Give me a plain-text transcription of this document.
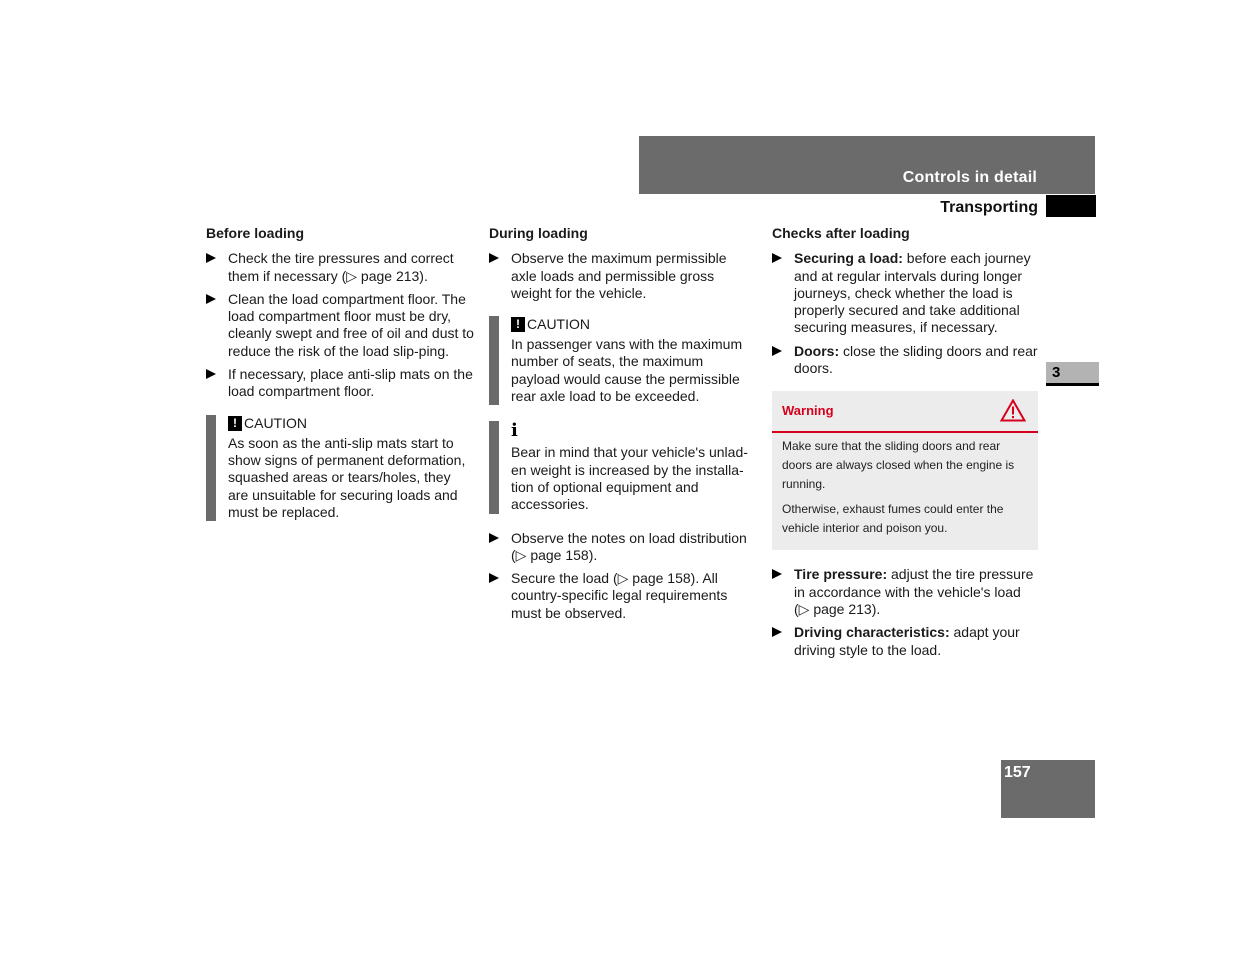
Controls in detail
Transporting
3
Before loading
Check the tire pressures and correct them if necessary (▷ page 213).
Clean the load compartment floor. The load compartment floor must be dry, cleanly swept and free of oil and dust to reduce the risk of the load slip-ping.
If necessary, place anti-slip mats on the load compartment floor.
! CAUTION
As soon as the anti-slip mats start to show signs of permanent deformation, squashed areas or tears/holes, they are unsuitable for securing loads and must be replaced.
During loading
Observe the maximum permissible axle loads and permissible gross weight for the vehicle.
! CAUTION
In passenger vans with the maximum number of seats, the maximum payload would cause the permissible rear axle load to be exceeded.
i
Bear in mind that your vehicle's unlad-en weight is increased by the installa-tion of optional equipment and accessories.
Observe the notes on load distribution (▷ page 158).
Secure the load (▷ page 158). All country-specific legal requirements must be observed.
Checks after loading
Securing a load: before each journey and at regular intervals during longer journeys, check whether the load is properly secured and take additional securing measures, if necessary.
Doors: close the sliding doors and rear doors.
Warning

Make sure that the sliding doors and rear doors are always closed when the engine is running.

Otherwise, exhaust fumes could enter the vehicle interior and poison you.

Tire pressure: adjust the tire pressure in accordance with the vehicle's load (▷ page 213).
Driving characteristics: adapt your driving style to the load.
157
